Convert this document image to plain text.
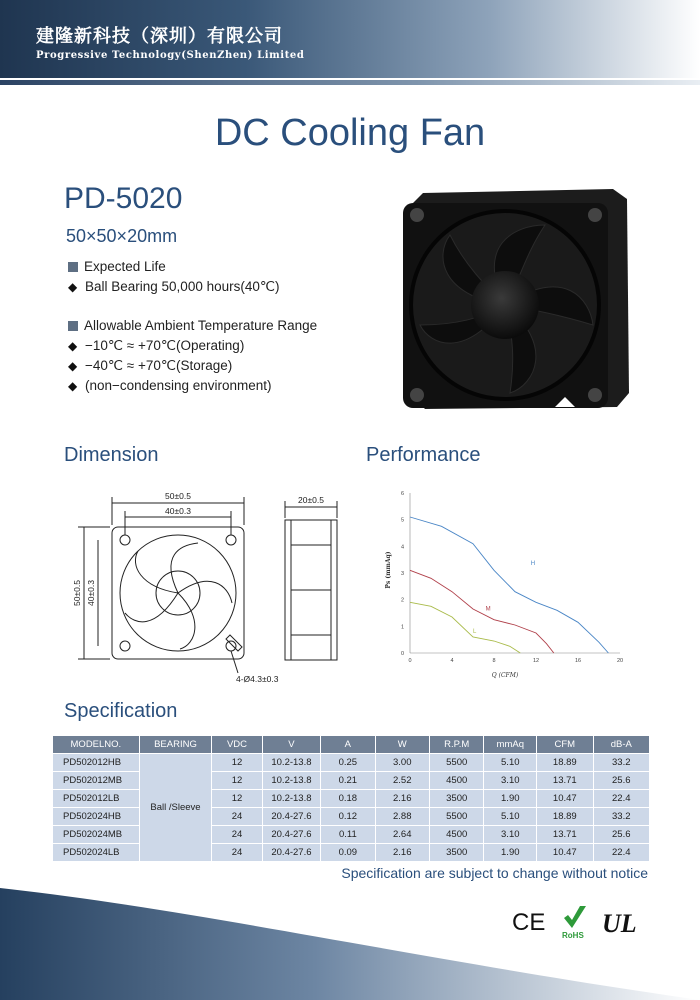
建隆新科技（深圳）有限公司
Progressive Technology(ShenZhen) Limited
DC Cooling Fan
PD-5020
50×50×20mm
Expected Life
◆ Ball Bearing 50,000 hours(40℃)
Allowable Ambient Temperature Range
◆ −10℃ ≈ +70℃(Operating)
◆ −40℃ ≈ +70℃(Storage)
◆ (non−condensing environment)
Dimension	Performance
50±0.5
40±0.3
50±0.5 40±0.3
20±0.5
4-Ø4.3±0.3
0	4	8	12	16	20
0
1
2
3
4
5
6
H
M
L
Q (CFM)
Ps (mmAq)
Specification
MODELNO.	BEARING	VDC	V	A	W	R.P.M	mmAq	CFM	dB-A
PD502012HB	Ball /Sleeve	12	10.2-13.8	0.25	3.00	5500	5.10	18.89	33.2
PD502012MB		12	10.2-13.8	0.21	2.52	4500	3.10	13.71	25.6
PD502012LB		12	10.2-13.8	0.18	2.16	3500	1.90	10.47	22.4
PD502024HB		24	20.4-27.6	0.12	2.88	5500	5.10	18.89	33.2
PD502024MB		24	20.4-27.6	0.11	2.64	4500	3.10	13.71	25.6
PD502024LB		24	20.4-27.6	0.09	2.16	3500	1.90	10.47	22.4
Specification are subject to change without notice
CE RoHS UL
